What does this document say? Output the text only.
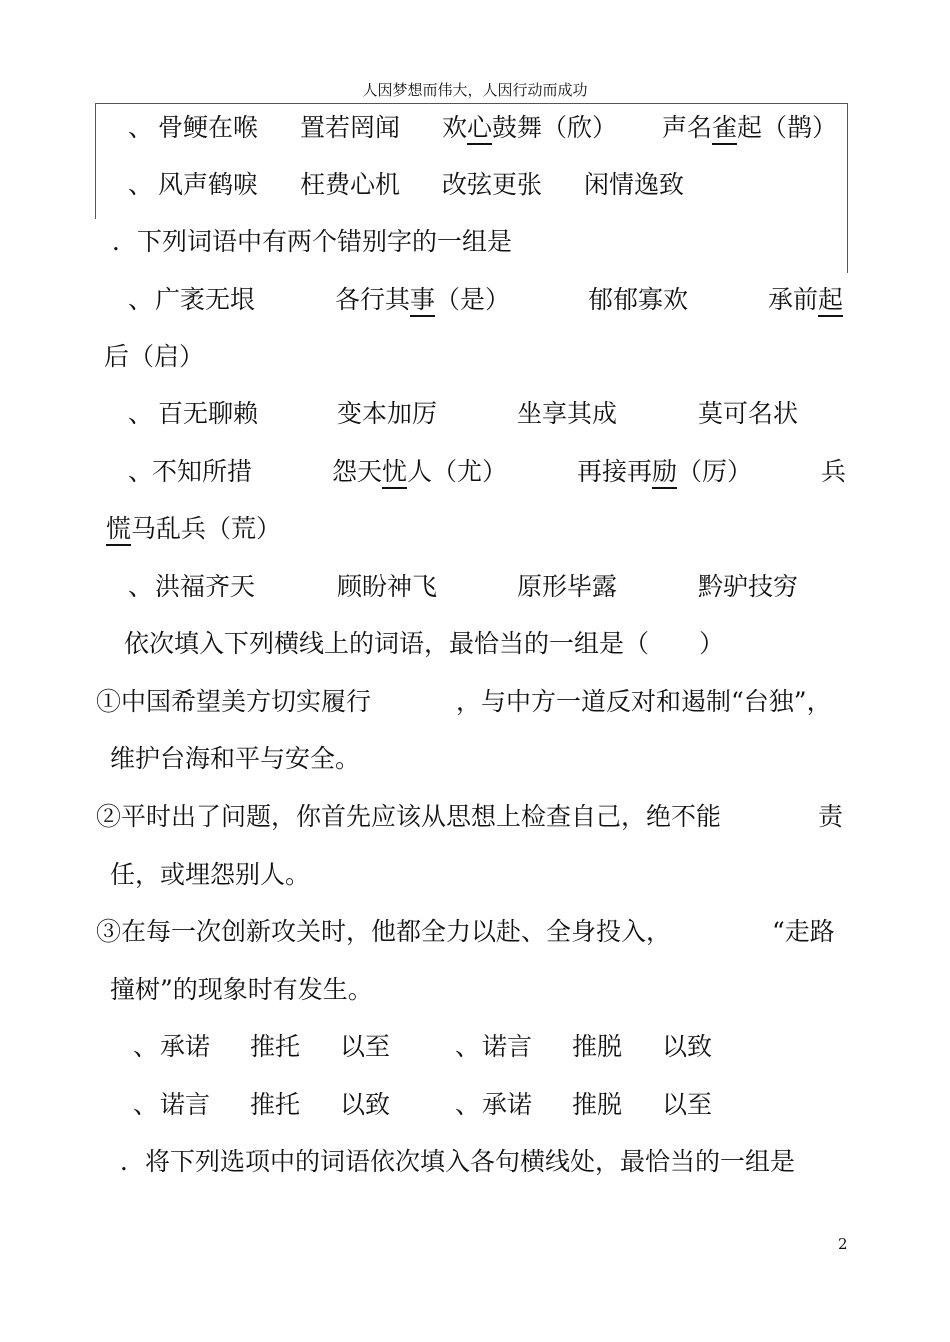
人因梦想而伟大，人因行动而成功
、 骨鲠在喉 置若罔闻 欢心鼓舞（欣） 声名雀起（鹊）
、 风声鹤唳 枉费心机 改弦更张 闲情逸致
．下列词语中有两个错别字的一组是
、 广袤无垠	各行其事（是）	郁郁寡欢	承前起
后（启）
、 百无聊赖	变本加厉	坐享其成	莫可名状
、
不知所措	怨天忧人（尤）	再接再励（厉）	兵
慌马乱兵（荒）
、 洪福齐天	顾盼神飞	原形毕露	黔驴技穷
依次填入下列横线上的词语，最恰当的一组是（　　）
①中国希望美方切实履行	，与中方一道反对和遏制“台独”，
维护台海和平与安全。
②平时出了问题，你首先应该从思想上检查自己，绝不能	责
任，或埋怨别人。
③在每一次创新攻关时，他都全力以赴、全身投入，	“走路
撞树”的现象时有发生。
、 承诺 推托 以至	、 诺言 推脱 以致
、 诺言 推托 以致	、 承诺 推脱 以至
．将下列选项中的词语依次填入各句横线处，最恰当的一组是
2
